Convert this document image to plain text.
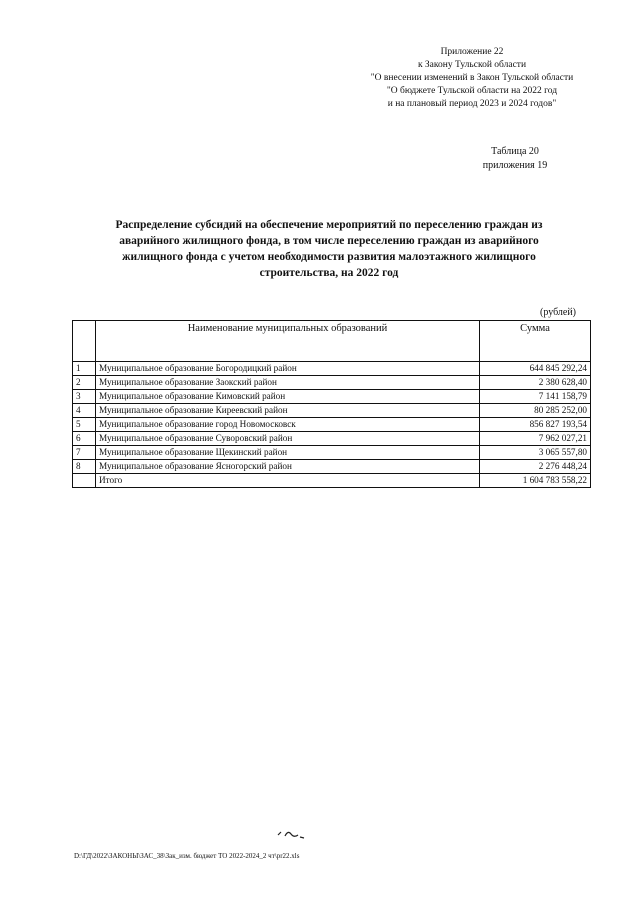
Приложение 22
к Закону Тульской области
"О внесении изменений в Закон Тульской области
"О бюджете Тульской области на 2022 год
и на плановый период 2023 и 2024 годов"
Таблица 20
приложения 19
Распределение субсидий на обеспечение мероприятий по переселению граждан из аварийного жилищного фонда, в том числе переселению граждан из аварийного жилищного фонда с учетом необходимости развития малоэтажного жилищного строительства, на 2022 год
(рублей)
	Наименование муниципальных образований	Сумма
1	Муниципальное образование Богородицкий район	644 845 292,24
2	Муниципальное образование Заокский район	2 380 628,40
3	Муниципальное образование Кимовский район	7 141 158,79
4	Муниципальное образование Киреевский район	80 285 252,00
5	Муниципальное образование город Новомосковск	856 827 193,54
6	Муниципальное образование Суворовский район	7 962 027,21
7	Муниципальное образование Щекинский район	3 065 557,80
8	Муниципальное образование Ясногорский район	2 276 448,24
	Итого	1 604 783 558,22
D:\ГД\2022\ЗАКОНЫ\ЗАС_38\Зак_изм. бюджет ТО 2022-2024_2 чт\pr22.xls
